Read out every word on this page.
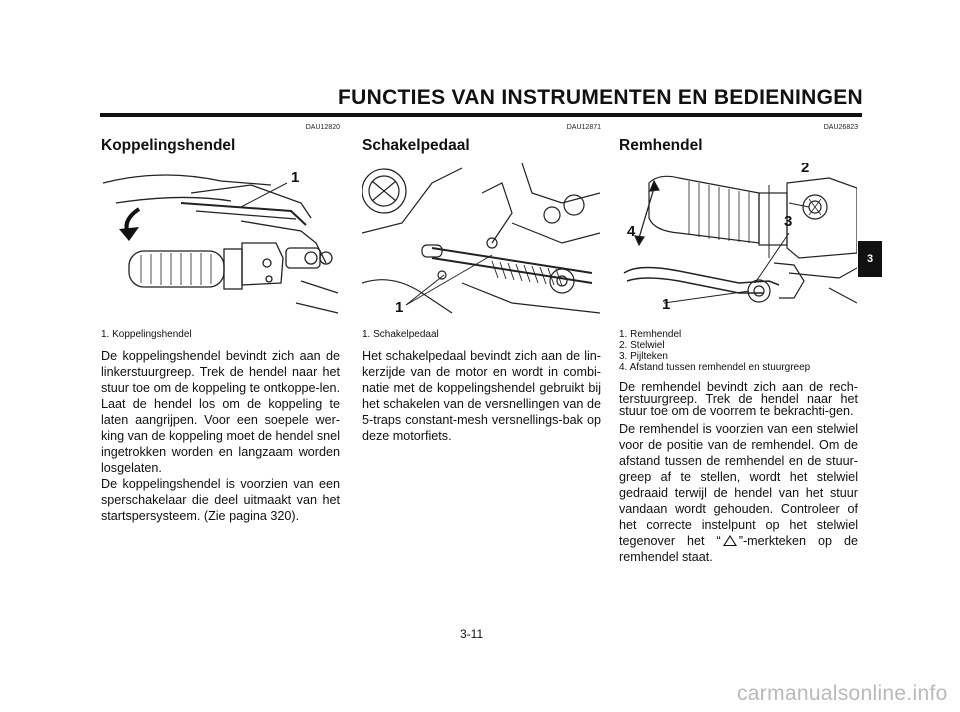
FUNCTIES VAN INSTRUMENTEN EN BEDIENINGEN
3
DAU12820
Koppelingshendel
1
1. Koppelingshendel

De koppelingshendel bevindt zich aan de linkerstuurgreep. Trek de hendel naar het stuur toe om de koppeling te ontkoppe-len. Laat de hendel los om de koppeling te laten aangrijpen. Voor een soepele wer-king van de koppeling moet de hendel snel ingetrokken worden en langzaam worden losgelaten.

De koppelingshendel is voorzien van een sperschakelaar die deel uitmaakt van het startspersysteem. (Zie pagina 320).

DAU12871
Schakelpedaal
1
1. Schakelpedaal

Het schakelpedaal bevindt zich aan de lin-kerzijde van de motor en wordt in combi-natie met de koppelingshendel gebruikt bij het schakelen van de versnellingen van de 5-traps constant-mesh versnellings-bak op deze motorfiets.

DAU26823
Remhendel
1
2
3
4
1. Remhendel
2. Stelwiel
3. Pijlteken
4. Afstand tussen remhendel en stuurgreep

De remhendel bevindt zich aan de rech-terstuurgreep. Trek de hendel naar het stuur toe om de voorrem te bekrachti-gen.

De remhendel is voorzien van een stelwiel voor de positie van de remhendel. Om de afstand tussen de remhendel en de stuur-greep af te stellen, wordt het stelwiel gedraaid terwijl de hendel van het stuur vandaan wordt gehouden. Controleer of het correcte instelpunt op het stelwiel tegenover het “ ”-merkteken op de remhendel staat.

3-11
carmanualsonline.info
